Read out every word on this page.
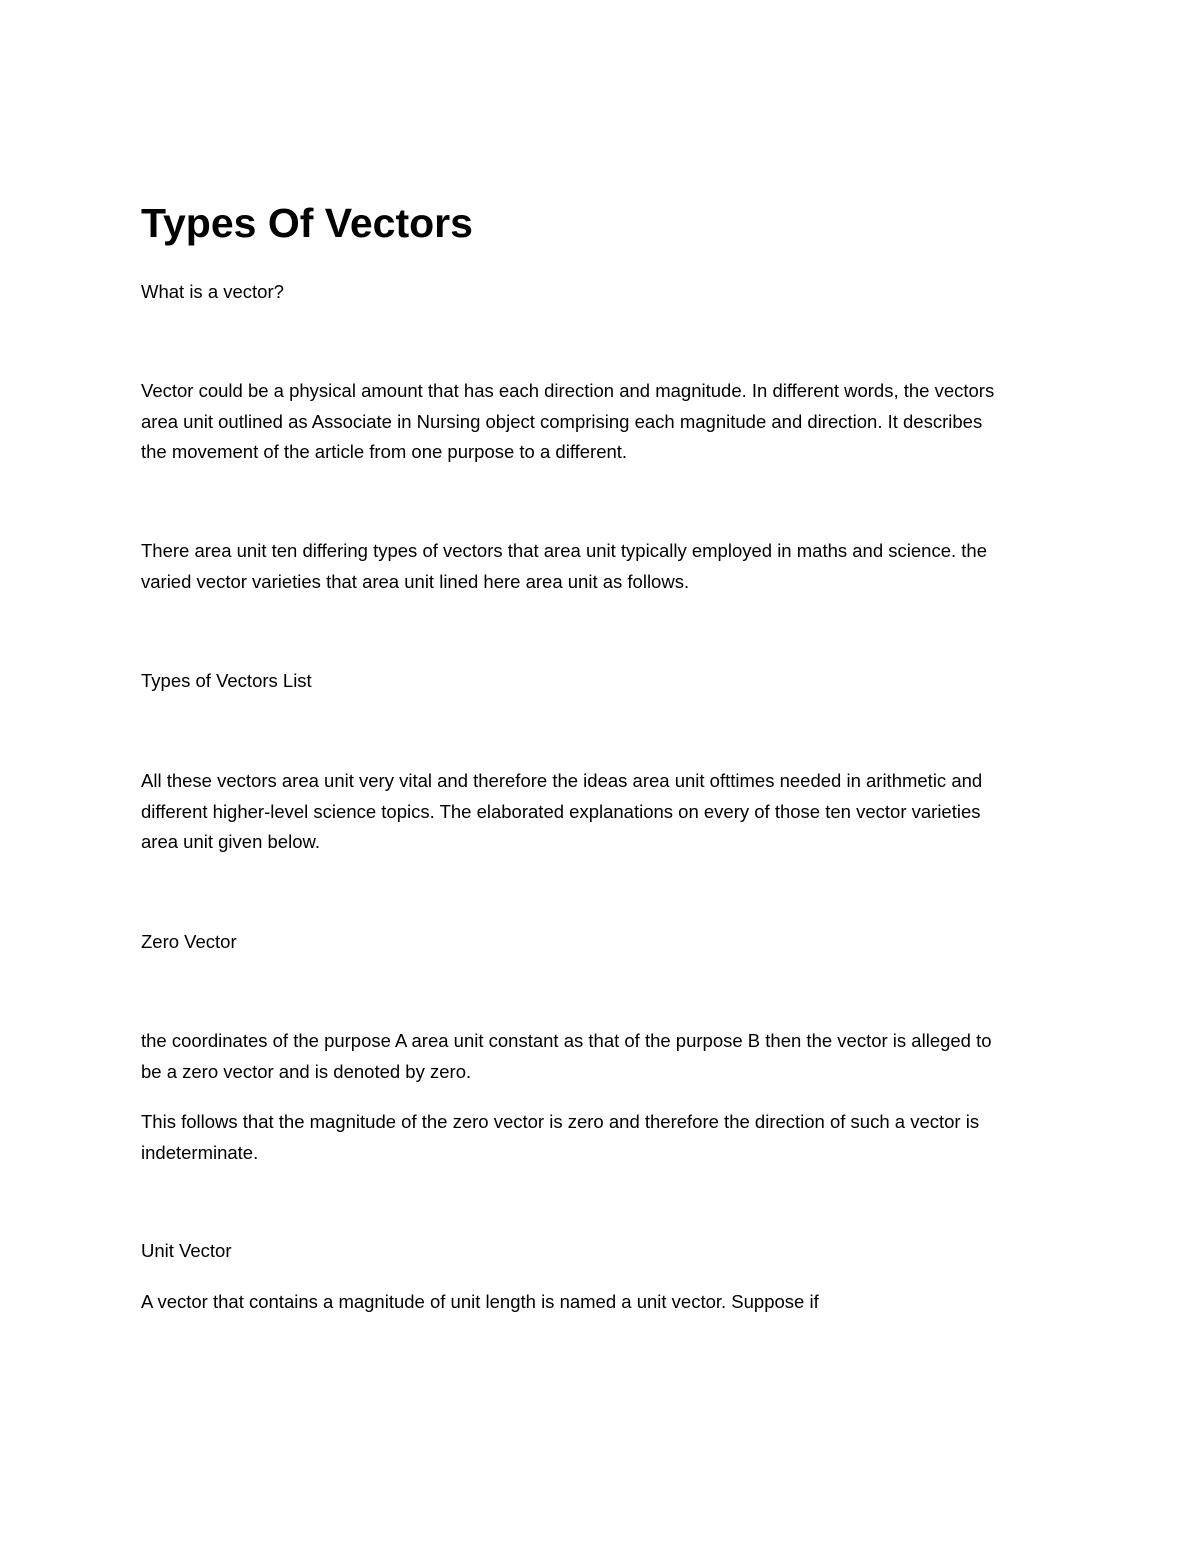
Types Of Vectors

What is a vector?

Vector could be a physical amount that has each direction and magnitude. In different words, the vectors
area unit outlined as Associate in Nursing object comprising each magnitude and direction. It describes
the movement of the article from one purpose to a different.

There area unit ten differing types of vectors that area unit typically employed in maths and science. the
varied vector varieties that area unit lined here area unit as follows.

Types of Vectors List

All these vectors area unit very vital and therefore the ideas area unit ofttimes needed in arithmetic and
different higher-level science topics. The elaborated explanations on every of those ten vector varieties
area unit given below.

Zero Vector

the coordinates of the purpose A area unit constant as that of the purpose B then the vector is alleged to
be a zero vector and is denoted by zero.

This follows that the magnitude of the zero vector is zero and therefore the direction of such a vector is
indeterminate.

Unit Vector

A vector that contains a magnitude of unit length is named a unit vector. Suppose if
